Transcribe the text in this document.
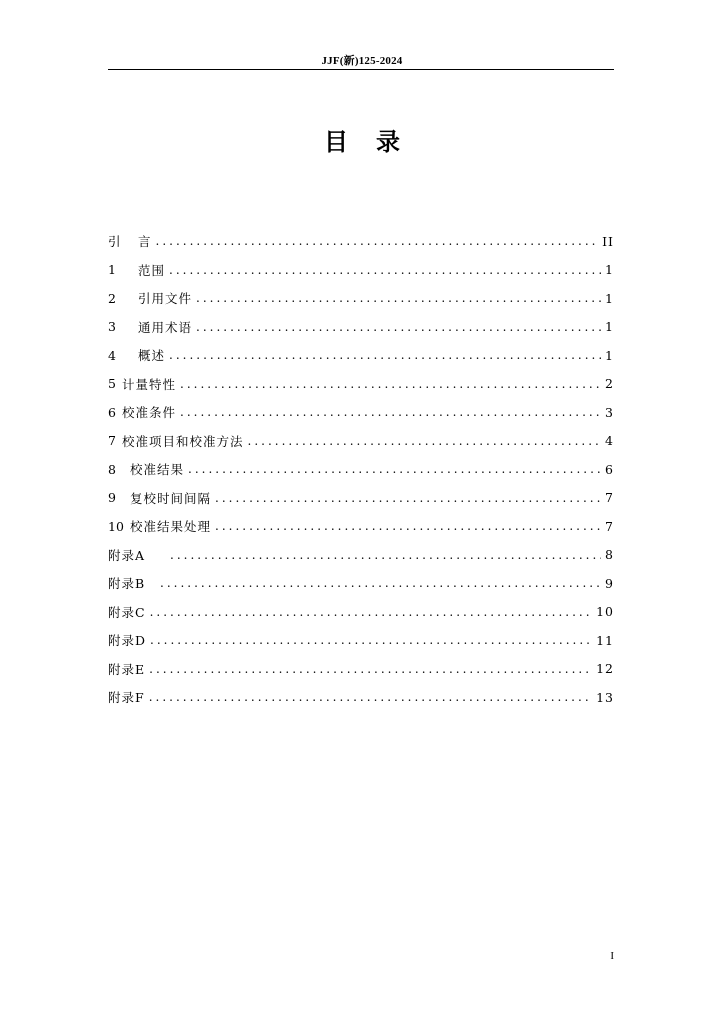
JJF(新)125-2024
目录
引	言 .....	II
1	范围 .....	1
2	引用文件 .....	1
3	通用术语 .....	1
4	概述 .....	1
5 计量特性 .....	2
6 校准条件 .....	3
7 校准项目和校准方法 .....	4
8	校准结果 .....	6
9	复校时间间隔 .....	7
10 校准结果处理 .....	7
附录A .....	8
附录B .....	9
附录C .....	10
附录D .....	11
附录E .....	12
附录F .....	13
I
